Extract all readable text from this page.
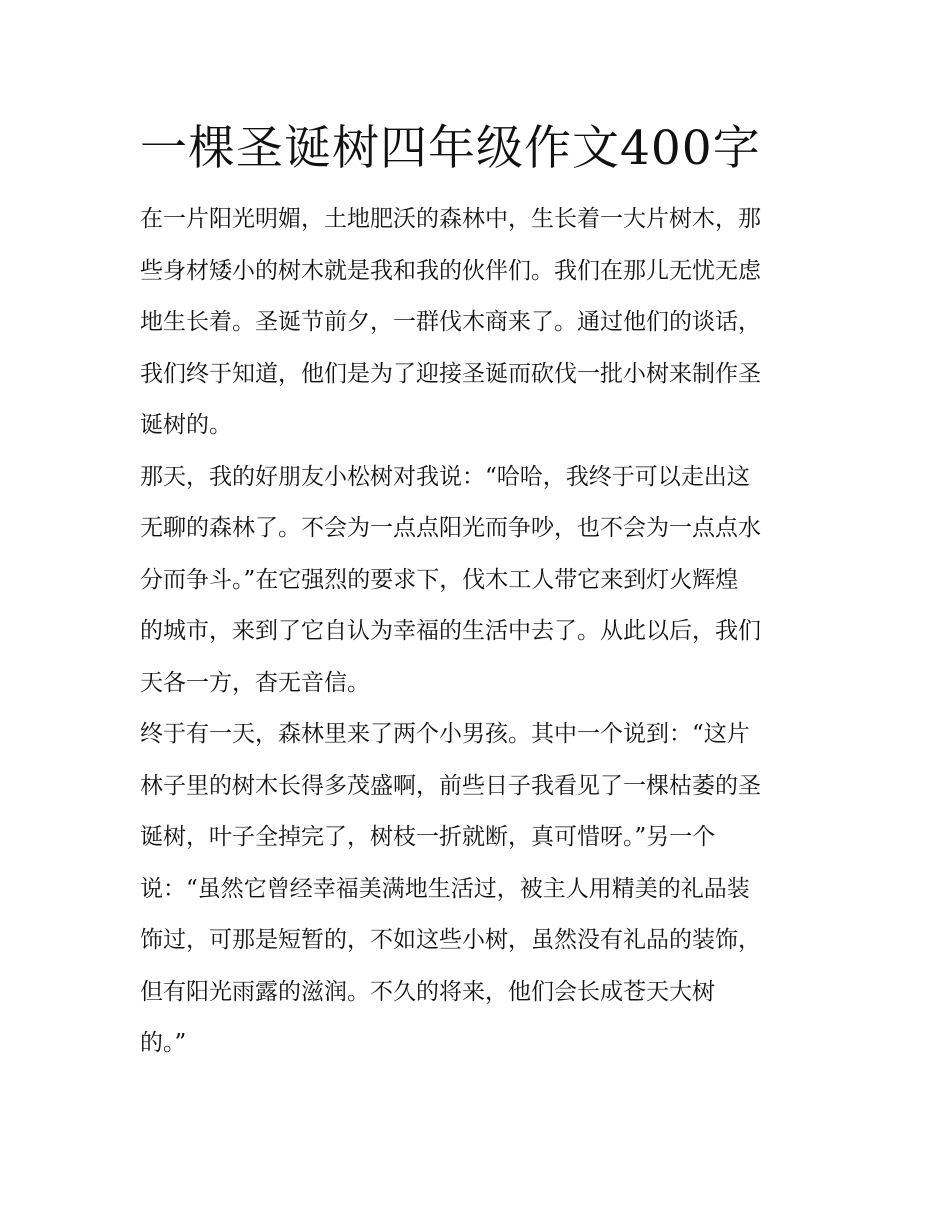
一棵圣诞树四年级作文400字

在一片阳光明媚，土地肥沃的森林中，生长着一大片树木，那
些身材矮小的树木就是我和我的伙伴们。我们在那儿无忧无虑
地生长着。圣诞节前夕，一群伐木商来了。通过他们的谈话，
我们终于知道，他们是为了迎接圣诞而砍伐一批小树来制作圣
诞树的。

那天，我的好朋友小松树对我说：“哈哈，我终于可以走出这
无聊的森林了。不会为一点点阳光而争吵，也不会为一点点水
分而争斗。”在它强烈的要求下，伐木工人带它来到灯火辉煌
的城市，来到了它自认为幸福的生活中去了。从此以后，我们
天各一方，杳无音信。

终于有一天，森林里来了两个小男孩。其中一个说到：“这片
林子里的树木长得多茂盛啊，前些日子我看见了一棵枯萎的圣
诞树，叶子全掉完了，树枝一折就断，真可惜呀。”另一个
说：“虽然它曾经幸福美满地生活过，被主人用精美的礼品装
饰过，可那是短暂的，不如这些小树，虽然没有礼品的装饰，
但有阳光雨露的滋润。不久的将来，他们会长成苍天大树
的。”
